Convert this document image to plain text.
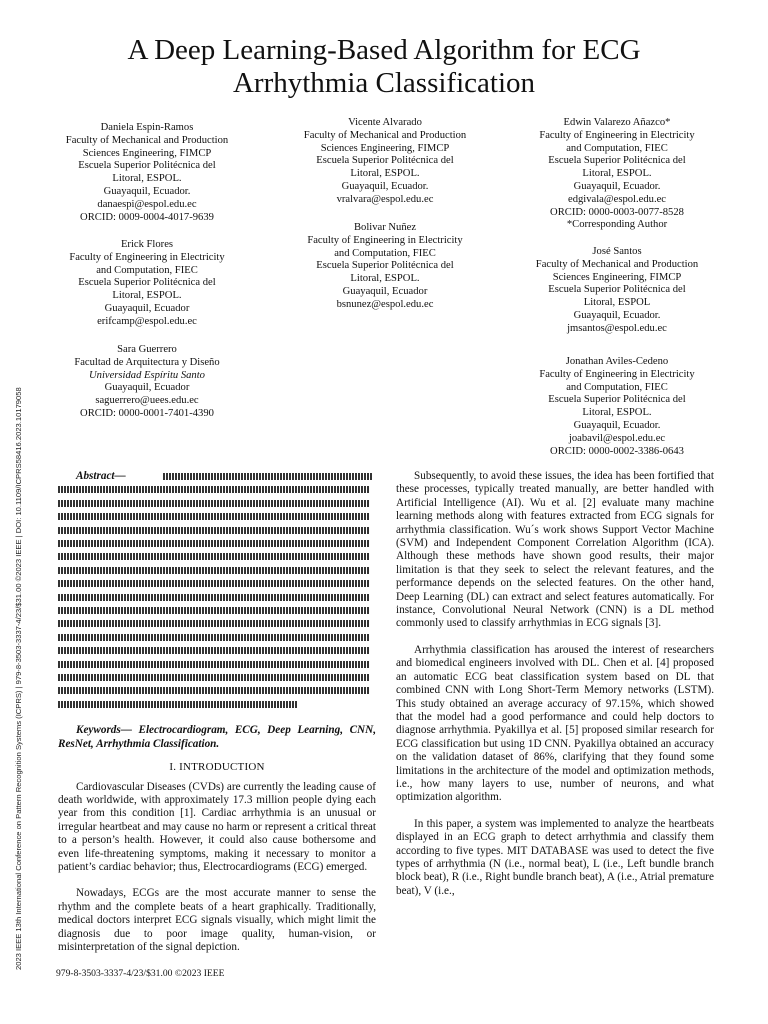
2023 IEEE 13th International Conference on Pattern Recognition Systems (ICPRS) | 979-8-3503-3337-4/23/$31.00 ©2023 IEEE | DOI: 10.1109/ICPRS58416.2023.10179058
A Deep Learning-Based Algorithm for ECG
Arrhythmia Classification
Daniela Espin-Ramos
Faculty of Mechanical and Production
Sciences Engineering, FIMCP
Escuela Superior Politécnica del
Litoral, ESPOL.
Guayaquil, Ecuador.
danaespi@espol.edu.ec
ORCID: 0009-0004-4017-9639
Vicente Alvarado
Faculty of Mechanical and Production
Sciences Engineering, FIMCP
Escuela Superior Politécnica del
Litoral, ESPOL.
Guayaquil, Ecuador.
vralvara@espol.edu.ec
Edwin Valarezo Añazco*
Faculty of Engineering in Electricity
and Computation, FIEC
Escuela Superior Politécnica del
Litoral, ESPOL.
Guayaquil, Ecuador.
edgivala@espol.edu.ec
ORCID: 0000-0003-0077-8528
*Corresponding Author
Erick Flores
Faculty of Engineering in Electricity
and Computation, FIEC
Escuela Superior Politécnica del
Litoral, ESPOL.
Guayaquil, Ecuador
erifcamp@espol.edu.ec
Bolivar Nuñez
Faculty of Engineering in Electricity
and Computation, FIEC
Escuela Superior Politécnica del
Litoral, ESPOL.
Guayaquil, Ecuador
bsnunez@espol.edu.ec
José Santos
Faculty of Mechanical and Production
Sciences Engineering, FIMCP
Escuela Superior Politécnica del
Litoral, ESPOL
Guayaquil, Ecuador.
jmsantos@espol.edu.ec
Sara Guerrero
Facultad de Arquitectura y Diseño
Universidad Espíritu Santo
Guayaquil, Ecuador
saguerrero@uees.edu.ec
ORCID: 0000-0001-7401-4390
Jonathan Aviles-Cedeno
Faculty of Engineering in Electricity
and Computation, FIEC
Escuela Superior Politécnica del
Litoral, ESPOL.
Guayaquil, Ecuador.
joabavil@espol.edu.ec
ORCID: 0000-0002-3386-0643
Abstract—

Keywords— Electrocardiogram, ECG, Deep Learning, CNN, ResNet, Arrhythmia Classification.

I. INTRODUCTION

Cardiovascular Diseases (CVDs) are currently the leading cause of death worldwide, with approximately 17.3 million people dying each year from this condition [1]. Cardiac arrhythmia is an unusual or irregular heartbeat and may cause no harm or represent a critical threat to a person’s health. However, it could also cause bothersome and even life-threatening symptoms, making it necessary to monitor a patient’s cardiac behavior; thus, Electrocardiograms (ECG) emerged.

Nowadays, ECGs are the most accurate manner to sense the rhythm and the complete beats of a heart graphically. Traditionally, medical doctors interpret ECG signals visually, which might limit the diagnosis due to poor image quality, human-vision, or misinterpretation of the signal depiction.

Subsequently, to avoid these issues, the idea has been fortified that these processes, typically treated manually, are better handled with Artificial Intelligence (AI). Wu et al. [2] evaluate many machine learning methods along with features extracted from ECG signals for arrhythmia classification. Wu´s work shows Support Vector Machine (SVM) and Independent Component Correlation Algorithm (ICA). Although these methods have shown good results, their major limitation is that they seek to select the relevant features, and the performance depends on the selected features. On the other hand, Deep Learning (DL) can extract and select features automatically. For instance, Convolutional Neural Network (CNN) is a DL method commonly used to classify arrhythmias in ECG signals [3].

Arrhythmia classification has aroused the interest of researchers and biomedical engineers involved with DL. Chen et al. [4] proposed an automatic ECG beat classification system based on DL that combined CNN with Long Short-Term Memory networks (LSTM). This study obtained an average accuracy of 97.15%, which showed that the model had a good performance and could help doctors to diagnose arrhythmia. Pyakillya et al. [5] proposed similar research for ECG classification but using 1D CNN. Pyakillya obtained an accuracy on the validation dataset of 86%, clarifying that they found some limitations in the architecture of the model and optimization methods, i.e., how many layers to use, number of neurons, and what optimization algorithm.

In this paper, a system was implemented to analyze the heartbeats displayed in an ECG graph to detect arrhythmia and classify them according to five types. MIT DATABASE was used to detect the five types of arrhythmia (N (i.e., normal beat), L (i.e., Left bundle branch block beat), R (i.e., Right bundle branch beat), A (i.e., Atrial premature beat), V (i.e.,

979-8-3503-3337-4/23/$31.00 ©2023 IEEE
